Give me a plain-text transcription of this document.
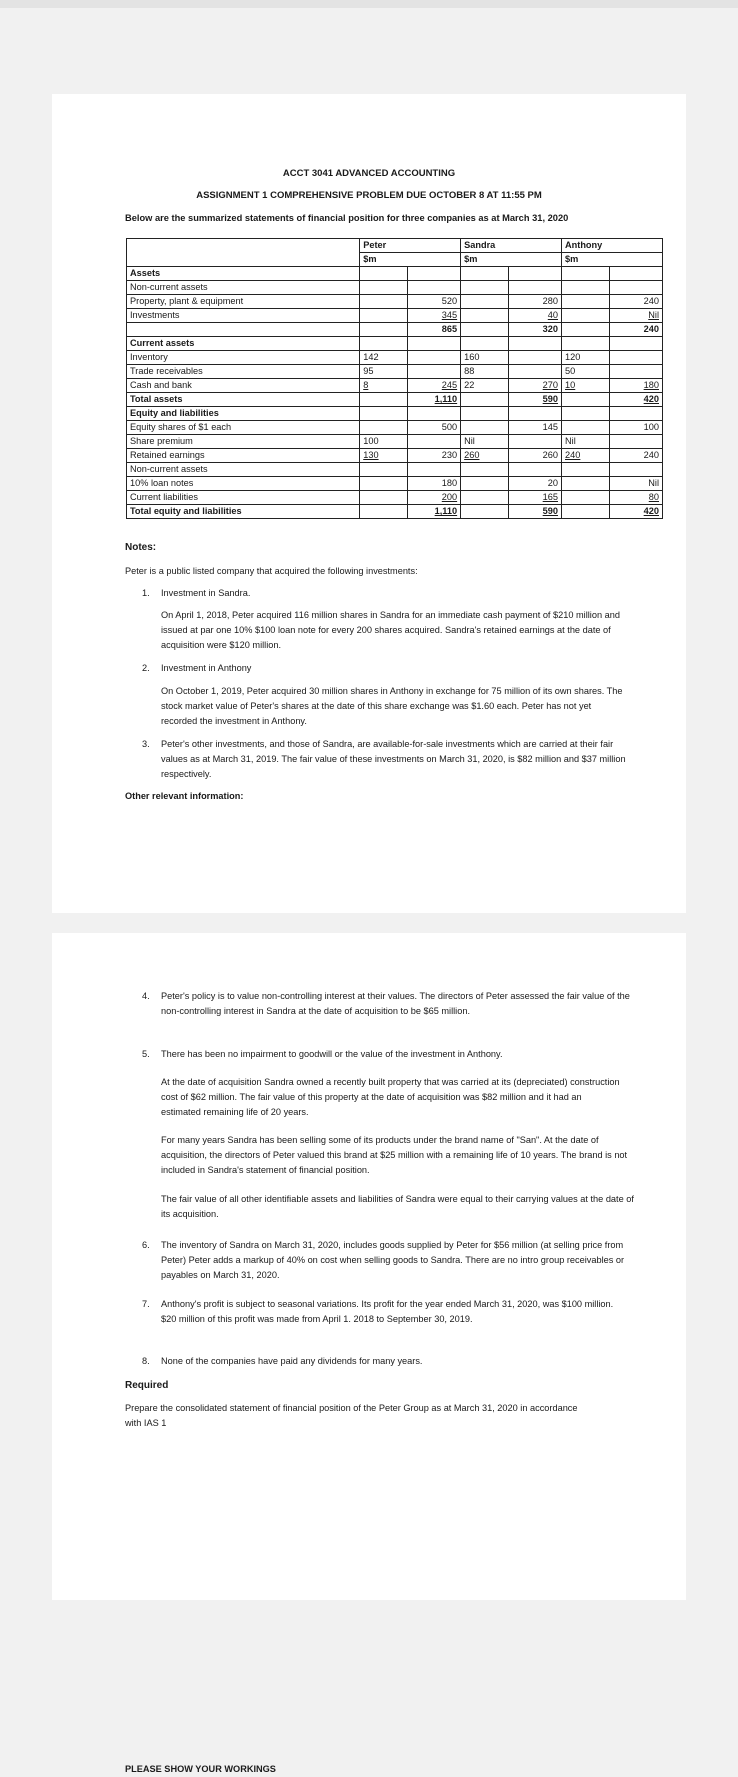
ACCT 3041 ADVANCED ACCOUNTING
ASSIGNMENT 1 COMPREHENSIVE PROBLEM DUE OCTOBER 8 AT 11:55 PM
Below are the summarized statements of financial position for three companies as at March 31, 2020
	Peter		Sandra		Anthony	
	$m		$m		$m	
Assets						
Non-current assets						
Property, plant & equipment		520		280		240
Investments		345		40		Nil
		865		320		240
Current assets						
Inventory	142		160		120	
Trade receivables	95		88		50	
Cash and bank	8	245	22	270	10	180
Total assets		1,110		590		420
Equity and liabilities						
Equity shares of $1 each		500		145		100
Share premium	100		Nil		Nil	
Retained earnings	130	230	260	260	240	240
Non-current assets						
10% loan notes		180		20		Nil
Current liabilities		200		165		80
Total equity and liabilities		1,110		590		420
Notes:
Peter is a public listed company that acquired the following investments:
1. Investment in Sandra.
On April 1, 2018, Peter acquired 116 million shares in Sandra for an immediate cash payment of $210 million and issued at par one 10% $100 loan note for every 200 shares acquired. Sandra's retained earnings at the date of acquisition were $120 million.
2. Investment in Anthony
On October 1, 2019, Peter acquired 30 million shares in Anthony in exchange for 75 million of its own shares. The stock market value of Peter's shares at the date of this share exchange was $1.60 each. Peter has not yet recorded the investment in Anthony.
3. Peter's other investments, and those of Sandra, are available-for-sale investments which are carried at their fair values as at March 31, 2019. The fair value of these investments on March 31, 2020, is $82 million and $37 million respectively.
Other relevant information:
4. Peter's policy is to value non-controlling interest at their values. The directors of Peter assessed the fair value of the non-controlling interest in Sandra at the date of acquisition to be $65 million.
5. There has been no impairment to goodwill or the value of the investment in Anthony.
At the date of acquisition Sandra owned a recently built property that was carried at its (depreciated) construction cost of $62 million. The fair value of this property at the date of acquisition was $82 million and it had an estimated remaining life of 20 years.
For many years Sandra has been selling some of its products under the brand name of "San". At the date of acquisition, the directors of Peter valued this brand at $25 million with a remaining life of 10 years. The brand is not included in Sandra's statement of financial position.
The fair value of all other identifiable assets and liabilities of Sandra were equal to their carrying values at the date of its acquisition.
6. The inventory of Sandra on March 31, 2020, includes goods supplied by Peter for $56 million (at selling price from Peter) Peter adds a markup of 40% on cost when selling goods to Sandra. There are no intro group receivables or payables on March 31, 2020.
7. Anthony's profit is subject to seasonal variations. Its profit for the year ended March 31, 2020, was $100 million. $20 million of this profit was made from April 1. 2018 to September 30, 2019.
8. None of the companies have paid any dividends for many years.
Required
Prepare the consolidated statement of financial position of the Peter Group as at March 31, 2020 in accordance with IAS 1
PLEASE SHOW YOUR WORKINGS
